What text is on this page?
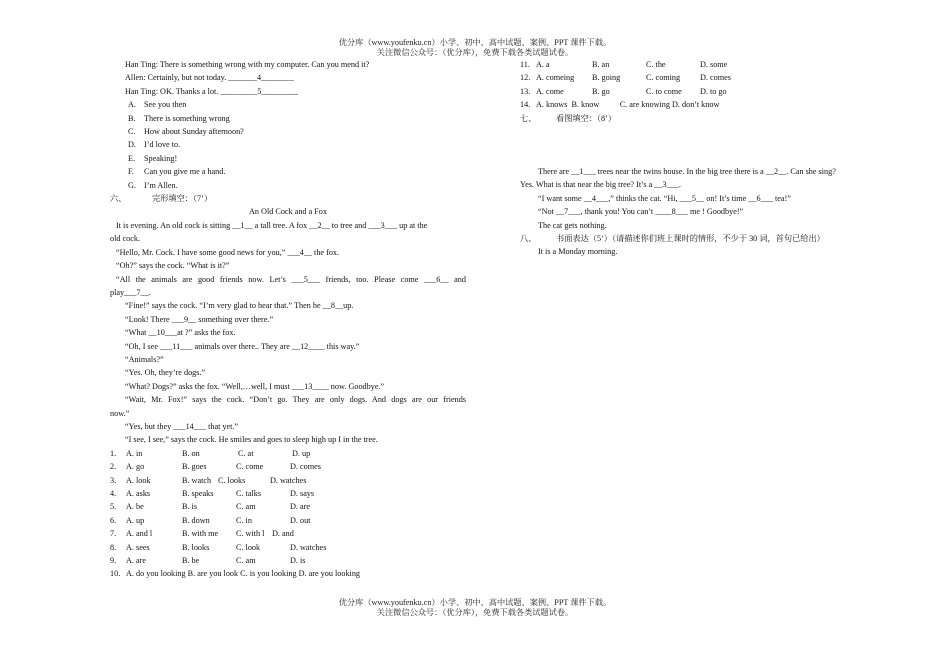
优分库（www.youfenku.cn）小学、初中、高中试题、案例、PPT 课件下载。
关注微信公众号：（优分库），免费下载各类试题试卷。
Han Ting: There is something wrong with my computer. Can you mend it?
Allen: Certainly, but not today. _______4________
Han Ting: OK. Thanks a lot. _________5_________
A. See you then
B. There is something wrong
C. How about Sunday afternoon?
D. I’d love to.
E. Speaking!
F. Can you give me a hand.
G. I’m Allen.
六、	完形填空：（7’）
An Old Cock and a Fox
It is evening. An old cock is sitting __1__ a tall tree. A fox __2__ to tree and ___3___ up at the
old cock.
“Hello, Mr. Cock. I have some good news for you,” ___4__ the fox.
“Oh?” says the cock. “What is it?”
“All the animals are good friends now. Let’s ___5___ friends, too. Please come ___6__ and
play___7__.
“Fine!” says the cock. “I’m very glad to hear that.” Then he __8__up.
“Look! There ___9__ something over there.”
“What __10___at ?” asks the fox.
“Oh, I see ___11___ animals over there.. They are __12____ this way.”
“Animals?”
“Yes. Oh, they’re dogs.”
“What? Dogs?” asks the fox. “Well,…well, I must ___13____ now. Goodbye.”
“Wait, Mr. Fox!” says the cock. “Don’t go. They are only dogs. And dogs are our friends
now.”
“Yes, but they ___14___ that yet.”
“I see, I see,” says the cock. He smiles and goes to sleep high up I in the tree.
1. A. in	B. on	C. at	D. up
2. A. go	B. goes	C. come	D. comes
3. A. look	B. watch C. looks	D. watches
4. A. asks	B. speaks	C. talks	D. says
5. A. be	B. is	C. am	D. are
6. A. up	B. down	C. in	D. out
7. A. and l	B. with me C. with l D. and
8. A. sees	B. looks	C. look	D. watches
9. A. are	B. be	C. am	D. is
10. A. do you looking B. are you look C. is you looking D. are you looking
11. A. a	B. an	C. the	D. some
12. A. comeing B. going	C. coming D. comes
13. A. come	B. go	C. to come D. to go
14. A. knows  B. know          C. are knowing D. don’t know
七、 看图填空：（8’）
There are __1___ trees near the twins house. In the big tree there is a __2__. Can she sing?
Yes. What is that near the big tree? It’s a __3___.
“I want some __4___,” thinks the cat. “Hi, ___5__ on! It’s time __6___ tea!”
“Not __7___, thank you! You can’t ____8___ me ! Goodbye!”
The cat gets nothing.
八、 书面表达（5’）（请描述你们班上课时的情形，不少于 30 词，首句已给出）
It is a Monday morning.
优分库（www.youfenku.cn）小学、初中、高中试题、案例、PPT 课件下载。
关注微信公众号：（优分库），免费下载各类试题试卷。
